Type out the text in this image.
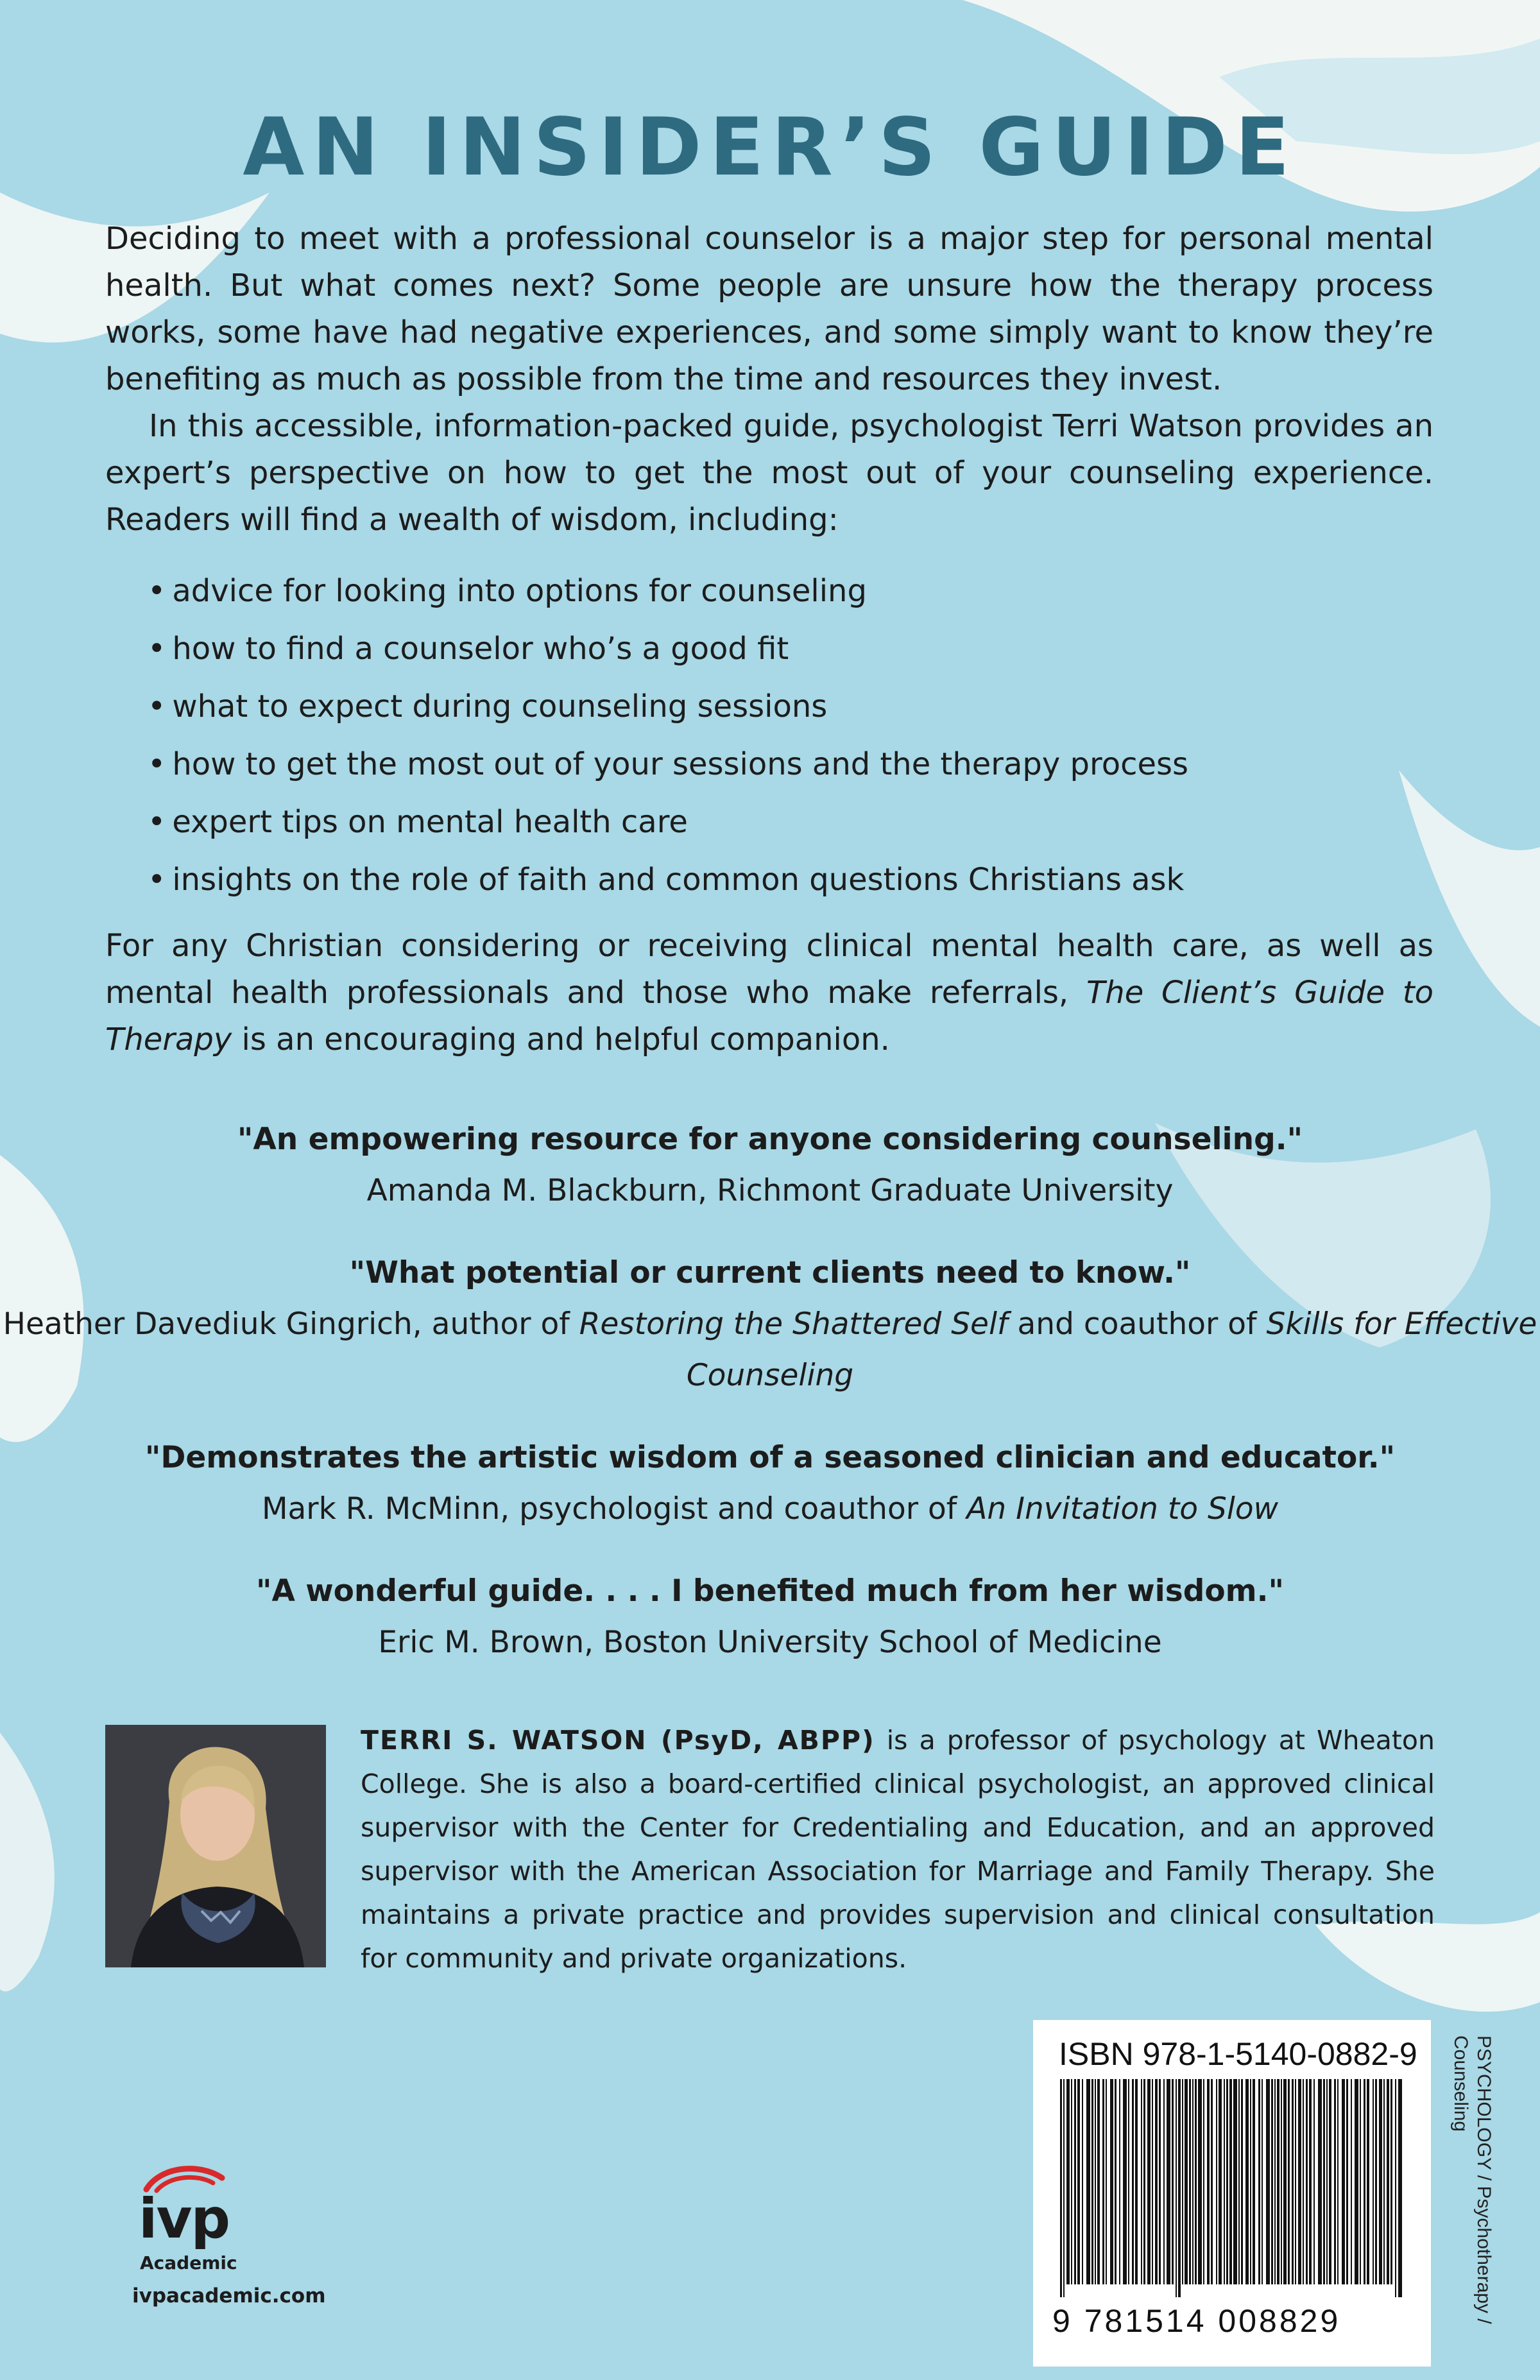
AN INSIDER’S GUIDE

Deciding to meet with a professional counselor is a major step for personal mental health. But what comes next? Some people are unsure how the therapy process works, some have had negative experiences, and some simply want to know they’re benefiting as much as possible from the time and resources they invest.

In this accessible, information-packed guide, psychologist Terri Watson provides an expert’s perspective on how to get the most out of your counseling experience. Readers will find a wealth of wisdom, including:

• advice for looking into options for counseling
• how to find a counselor who’s a good fit
• what to expect during counseling sessions
• how to get the most out of your sessions and the therapy process
• expert tips on mental health care
• insights on the role of faith and common questions Christians ask

For any Christian considering or receiving clinical mental health care, as well as mental health professionals and those who make referrals, The Client’s Guide to Therapy is an encouraging and helpful companion.

"An empowering resource for anyone considering counseling."
Amanda M. Blackburn, Richmont Graduate University
"What potential or current clients need to know."
Heather Davediuk Gingrich, author of Restoring the Shattered Self and coauthor of Skills for Effective Counseling
"Demonstrates the artistic wisdom of a seasoned clinician and educator."
Mark R. McMinn, psychologist and coauthor of An Invitation to Slow
"A wonderful guide. . . . I benefited much from her wisdom."
Eric M. Brown, Boston University School of Medicine

TERRI S. WATSON (PsyD, ABPP) is a professor of psychology at Wheaton College. She is also a board-certified clinical psychologist, an approved clinical supervisor with the Center for Credentialing and Education, and an approved supervisor with the American Association for Marriage and Family Therapy. She maintains a private practice and provides supervision and clinical consultation for community and private organizations.

ivp
Academic
ivpacademic.com
ISBN 978-1-5140-0882-9
9 781514 008829	PSYCHOLOGY / Psychotherapy / Counseling
